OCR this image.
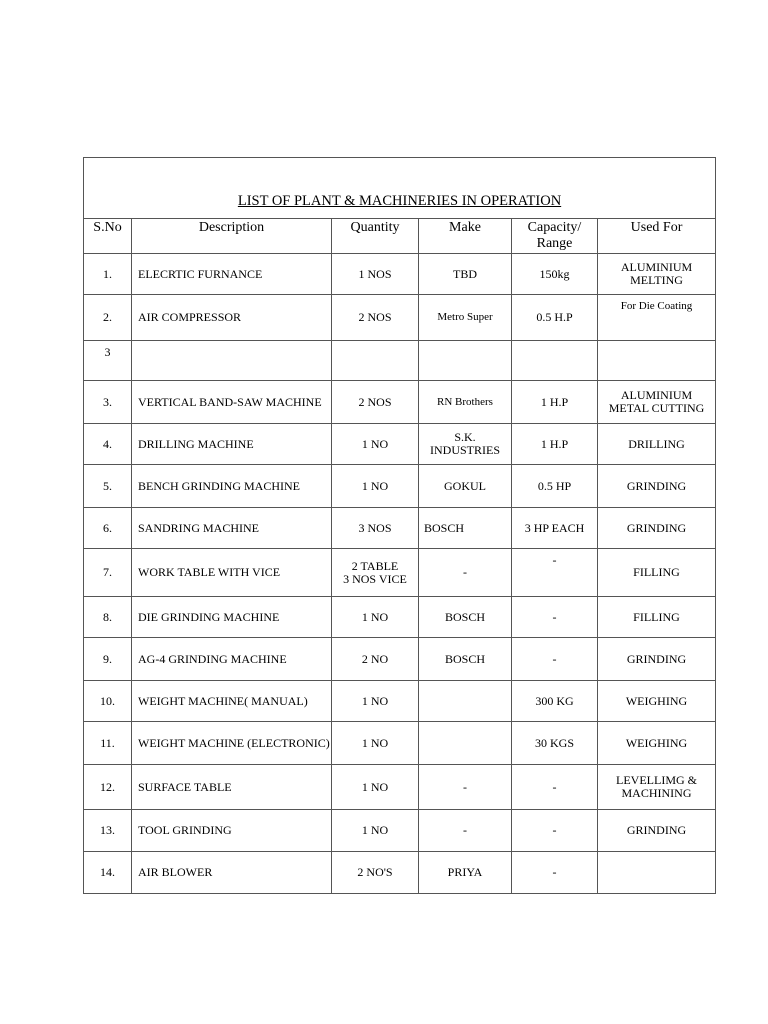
LIST OF PLANT & MACHINERIES IN OPERATION					
S.No	Description	Quantity	Make	Capacity/
Range	Used For
1.	ELECRTIC FURNANCE	1 NOS	TBD	150kg	ALUMINIUM
MELTING
2.	AIR COMPRESSOR	2 NOS	Metro Super	0.5 H.P	For Die Coating
3					
3.	VERTICAL BAND-SAW MACHINE	2 NOS	RN Brothers	1 H.P	ALUMINIUM
METAL CUTTING
4.	DRILLING MACHINE	1 NO	S.K.
INDUSTRIES	1 H.P	DRILLING
5.	BENCH GRINDING MACHINE	1 NO	GOKUL	0.5 HP	GRINDING
6.	SANDRING MACHINE	3 NOS	BOSCH	3 HP EACH	GRINDING
7.	WORK TABLE WITH VICE	2 TABLE
3 NOS VICE	-	-	FILLING
8.	DIE GRINDING MACHINE	1 NO	BOSCH	-	FILLING
9.	AG-4 GRINDING MACHINE	2 NO	BOSCH	-	GRINDING
10.	WEIGHT MACHINE( MANUAL)	1 NO		300 KG	WEIGHING
11.	WEIGHT MACHINE (ELECTRONIC)	1 NO		30 KGS	WEIGHING
12.	SURFACE TABLE	1 NO	-	-	LEVELLIMG &
MACHINING
13.	TOOL GRINDING	1 NO	-	-	GRINDING
14.	AIR BLOWER	2 NO'S	PRIYA	-	
